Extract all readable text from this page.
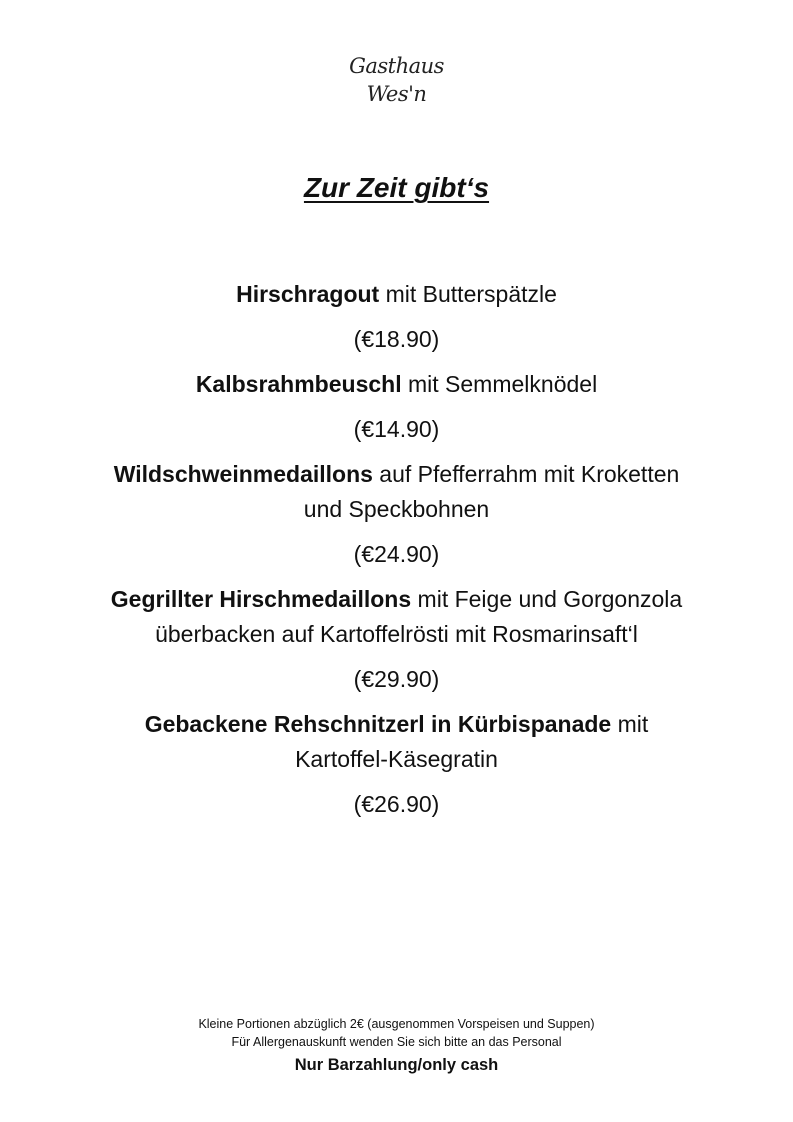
Gasthaus
Wes'n
Zur Zeit gibt‘s

Hirschragout mit Butterspätzle

(€18.90)

Kalbsrahmbeuschl mit Semmelknödel

(€14.90)

Wildschweinmedaillons auf Pfefferrahm mit Kroketten und Speckbohnen

(€24.90)

Gegrillter Hirschmedaillons mit Feige und Gorgonzola überbacken auf Kartoffelrösti mit Rosmarinsaft‘l

(€29.90)

Gebackene Rehschnitzerl in Kürbispanade mit Kartoffel-Käsegratin

(€26.90)

Kleine Portionen abzüglich 2€ (ausgenommen Vorspeisen und Suppen)
Für Allergenauskunft wenden Sie sich bitte an das Personal
Nur Barzahlung/only cash
